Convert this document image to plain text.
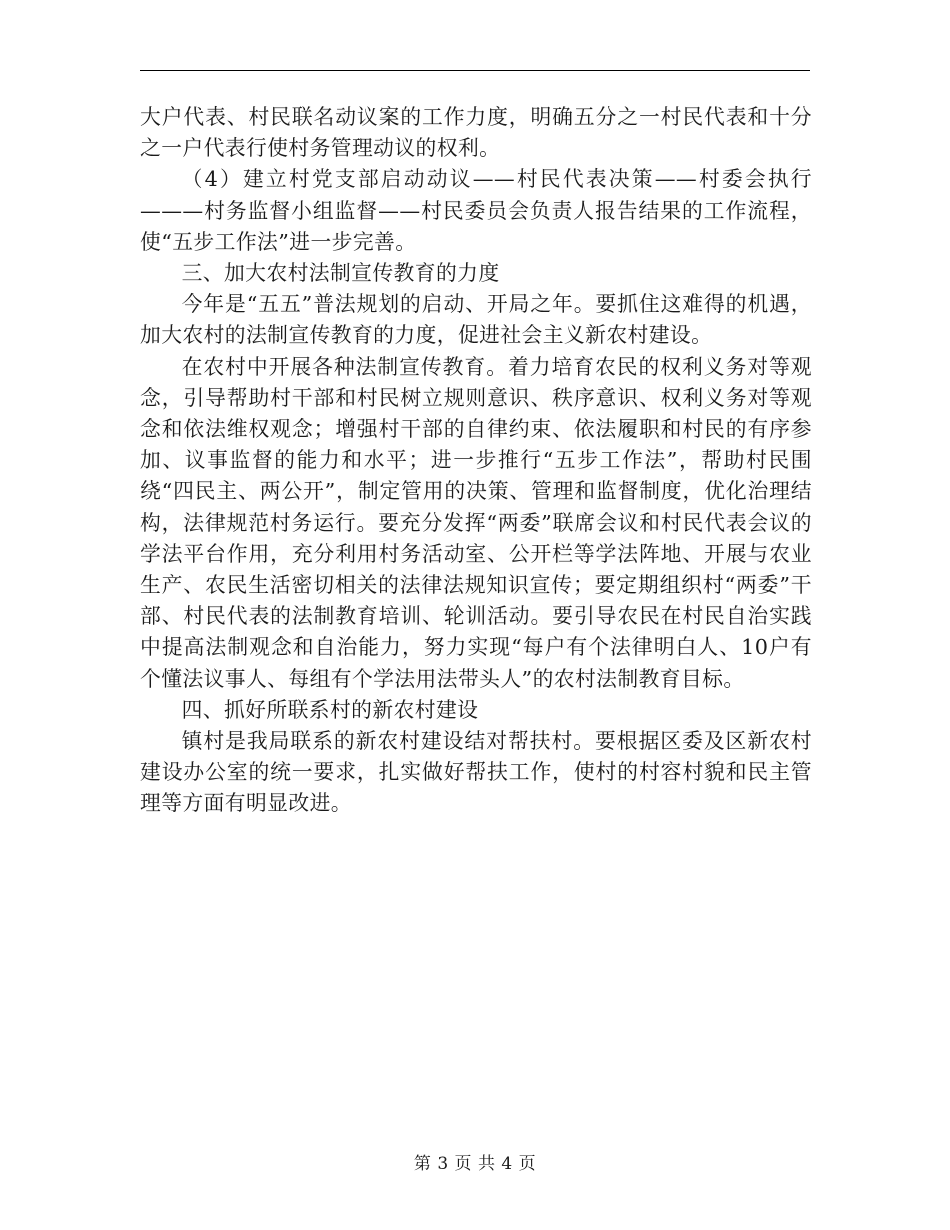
大户代表、村民联名动议案的工作力度，明确五分之一村民代表和十分之一户代表行使村务管理动议的权利。

（4）建立村党支部启动动议——村民代表决策——村委会执行———村务监督小组监督——村民委员会负责人报告结果的工作流程，使“五步工作法”进一步完善。

三、加大农村法制宣传教育的力度

今年是“五五”普法规划的启动、开局之年。要抓住这难得的机遇，加大农村的法制宣传教育的力度，促进社会主义新农村建设。

在农村中开展各种法制宣传教育。着力培育农民的权利义务对等观念，引导帮助村干部和村民树立规则意识、秩序意识、权利义务对等观念和依法维权观念；增强村干部的自律约束、依法履职和村民的有序参加、议事监督的能力和水平；进一步推行“五步工作法”，帮助村民围绕“四民主、两公开”，制定管用的决策、管理和监督制度，优化治理结构，法律规范村务运行。要充分发挥“两委”联席会议和村民代表会议的学法平台作用，充分利用村务活动室、公开栏等学法阵地、开展与农业生产、农民生活密切相关的法律法规知识宣传；要定期组织村“两委”干部、村民代表的法制教育培训、轮训活动。要引导农民在村民自治实践中提高法制观念和自治能力，努力实现“每户有个法律明白人、10户有个懂法议事人、每组有个学法用法带头人”的农村法制教育目标。

四、抓好所联系村的新农村建设

镇村是我局联系的新农村建设结对帮扶村。要根据区委及区新农村建设办公室的统一要求，扎实做好帮扶工作，使村的村容村貌和民主管理等方面有明显改进。

第 3 页 共 4 页
